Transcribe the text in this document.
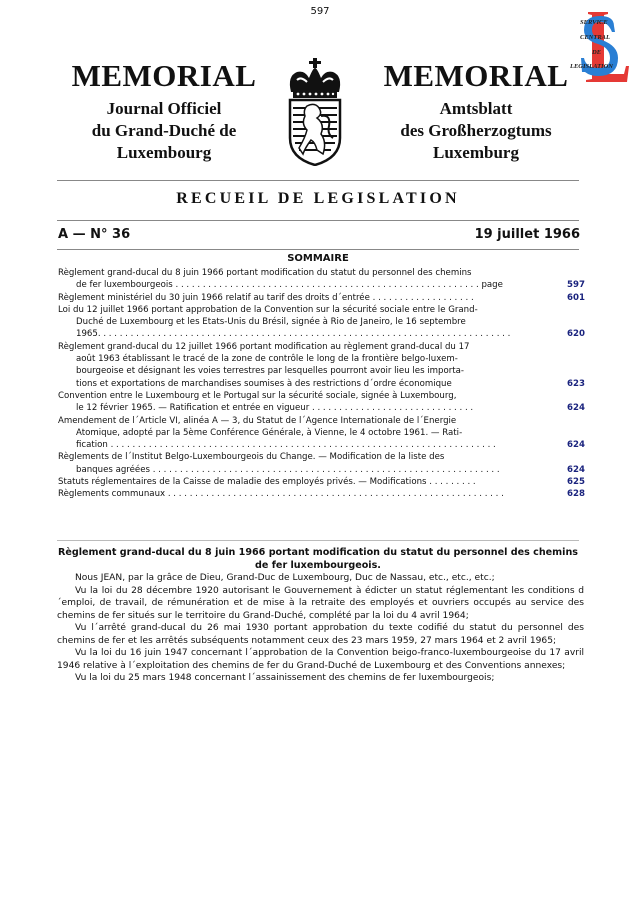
597
MEMORIAL
Journal Officiel
du Grand-Duché de
Luxembourg
MEMORIAL
Amtsblatt
des Großherzogtums
Luxemburg
SERVICE
CENTRAL
DE
LEGISLATION
RECUEIL DE LEGISLATION
A — N° 36	19 juillet 1966
SOMMAIRE
Règlement grand-ducal du 8 juin 1966 portant modification du statut du personnel des chemins
de fer luxembourgeois . . . . . . . . . . . . . . . . . . . . . . . . . . . . . . . . . . . . . . . . . . . . . . . . . . . . . . . . page	597
Règlement ministériel du 30 juin 1966 relatif au tarif des droits d´entrée . . . . . . . . . . . . . . . . . . .	601
Loi du 12 juillet 1966 portant approbation de la Convention sur la sécurité sociale entre le Grand-
Duché de Luxembourg et les Etats-Unis du Brésil, signée à Rio de Janeiro, le 16 septembre
1965. . . . . . . . . . . . . . . . . . . . . . . . . . . . . . . . . . . . . . . . . . . . . . . . . . . . . . . . . . . . . . . . . . . . . . . . . . . .	620
Règlement grand-ducal du 12 juillet 1966 portant modification au règlement grand-ducal du 17
août 1963 établissant le tracé de la zone de contrôle le long de la frontière belgo-luxem-
bourgeoise et désignant les voies terrestres par lesquelles pourront avoir lieu les importa-
tions et exportations de marchandises soumises à des restrictions d´ordre économique	623
Convention entre le Luxembourg et le Portugal sur la sécurité sociale, signée à Luxembourg,
le 12 février 1965. — Ratification et entrée en vigueur . . . . . . . . . . . . . . . . . . . . . . . . . . . . . .	624
Amendement de l´Article VI, alinéa A — 3, du Statut de l´Agence Internationale de l´Energie
Atomique, adopté par la 5ème Conférence Générale, à Vienne, le 4 octobre 1961. — Rati-
fication . . . . . . . . . . . . . . . . . . . . . . . . . . . . . . . . . . . . . . . . . . . . . . . . . . . . . . . . . . . . . . . . . . . . . . .	624
Règlements de l´Institut Belgo-Luxembourgeois du Change. — Modification de la liste des
banques agréées . . . . . . . . . . . . . . . . . . . . . . . . . . . . . . . . . . . . . . . . . . . . . . . . . . . . . . . . . . . . . . . .	624
Statuts réglementaires de la Caisse de maladie des employés privés. — Modifications . . . . . . . . .	625
Règlements communaux . . . . . . . . . . . . . . . . . . . . . . . . . . . . . . . . . . . . . . . . . . . . . . . . . . . . . . . . . . . . . .	628
Règlement grand-ducal du 8 juin 1966 portant modification du statut du personnel des chemins de fer luxembourgeois.

Nous JEAN, par la grâce de Dieu, Grand-Duc de Luxembourg, Duc de Nassau, etc., etc., etc.;

Vu la loi du 28 décembre 1920 autorisant le Gouvernement à édicter un statut réglementant les conditions d´emploi, de travail, de rémunération et de mise à la retraite des employés et ouvriers occupés au service des chemins de fer situés sur le territoire du Grand-Duché, complété par la loi du 4 avril 1964;

Vu l´arrêté grand-ducal du 26 mai 1930 portant approbation du texte codifié du statut du personnel des chemins de fer et les arrêtés subséquents notamment ceux des 23 mars 1959, 27 mars 1964 et 2 avril 1965;

Vu la loi du 16 juin 1947 concernant l´approbation de la Convention beigo-franco-luxembourgeoise du 17 avril 1946 relative à l´exploitation des chemins de fer du Grand-Duché de Luxembourg et des Conventions annexes;

Vu la loi du 25 mars 1948 concernant l´assainissement des chemins de fer luxembourgeois;
